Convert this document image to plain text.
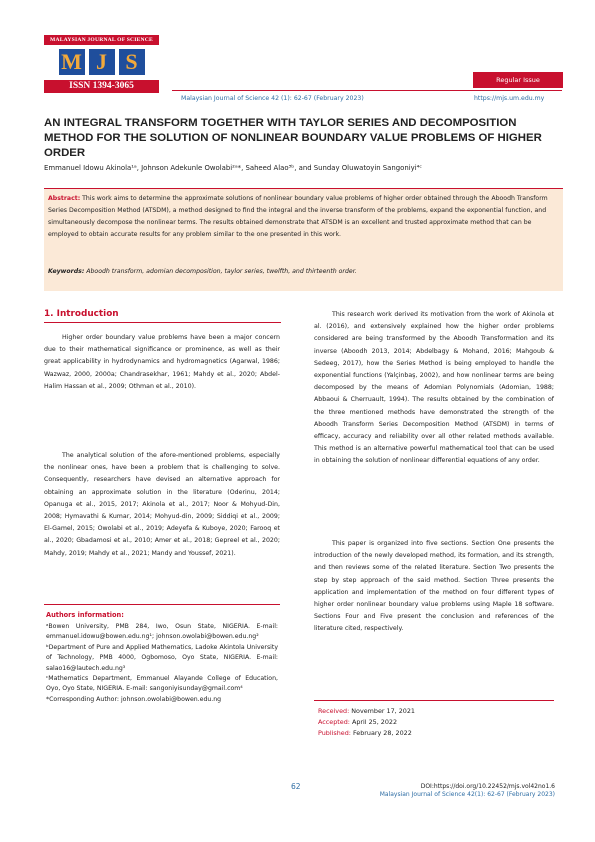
MALAYSIAN JOURNAL OF SCIENCE
M J S
ISSN 1394-3065
Regular Issue
Malaysian Journal of Science 42 (1): 62-67 (February 2023)	https://mjs.um.edu.my
AN INTEGRAL TRANSFORM TOGETHER WITH TAYLOR SERIES AND DECOMPOSITION METHOD FOR THE SOLUTION OF NONLINEAR BOUNDARY VALUE PROBLEMS OF HIGHER ORDER
Emmanuel Idowu Akinola¹ᵃ, Johnson Adekunle Owolabi²ᵃ*, Saheed Alao³ᵇ, and Sunday Oluwatoyin Sangoniyi⁴ᶜ
Abstract: This work aims to determine the approximate solutions of nonlinear boundary value problems of higher order obtained through the Aboodh Transform Series Decomposition Method (ATSDM), a method designed to find the integral and the inverse transform of the problems, expand the exponential function, and simultaneously decompose the nonlinear terms. The results obtained demonstrate that ATSDM is an excellent and trusted approximate method that can be employed to obtain accurate results for any problem similar to the one presented in this work.
Keywords: Aboodh transform, adomian decomposition, taylor series, twelfth, and thirteenth order.
1. Introduction
Higher order boundary value problems have been a major concern due to their mathematical significance or prominence, as well as their great applicability in hydrodynamics and hydromagnetics (Agarwal, 1986; Wazwaz, 2000, 2000a; Chandrasekhar, 1961; Mahdy et al., 2020; Abdel-Halim Hassan et al., 2009; Othman et al., 2010).
The analytical solution of the afore-mentioned problems, especially the nonlinear ones, have been a problem that is challenging to solve. Consequently, researchers have devised an alternative approach for obtaining an approximate solution in the literature (Oderinu, 2014; Opanuga et al., 2015, 2017; Akinola et al., 2017; Noor & Mohyud-Din, 2008; Hymavathi & Kumar, 2014; Mohyud-din, 2009; Siddiqi et al., 2009; El-Gamel, 2015; Owolabi et al., 2019; Adeyefa & Kuboye, 2020; Farooq et al., 2020; Gbadamosi et al., 2010; Amer et al., 2018; Gepreel et al., 2020; Mahdy, 2019; Mahdy et al., 2021; Mandy and Youssef, 2021).
This research work derived its motivation from the work of Akinola et al. (2016), and extensively explained how the higher order problems considered are being transformed by the Aboodh Transformation and its inverse (Aboodh 2013, 2014; Abdelbagy & Mohand, 2016; Mahgoub & Sedeeg, 2017), how the Series Method is being employed to handle the exponential functions (Yalçinbaş, 2002), and how nonlinear terms are being decomposed by the means of Adomian Polynomials (Adomian, 1988; Abbaoui & Cherruault, 1994). The results obtained by the combination of the three mentioned methods have demonstrated the strength of the Aboodh Transform Series Decomposition Method (ATSDM) in terms of efficacy, accuracy and reliability over all other related methods available. This method is an alternative powerful mathematical tool that can be used in obtaining the solution of nonlinear differential equations of any order.
This paper is organized into five sections. Section One presents the introduction of the newly developed method, its formation, and its strength, and then reviews some of the related literature. Section Two presents the step by step approach of the said method. Section Three presents the application and implementation of the method on four different types of higher order nonlinear boundary value problems using Maple 18 software. Sections Four and Five present the conclusion and references of the literature cited, respectively.
Authors information:
ᵃBowen University, PMB 284, Iwo, Osun State, NIGERIA. E-mail: emmanuel.idowu@bowen.edu.ng¹; johnson.owolabi@bowen.edu.ng²
ᵇDepartment of Pure and Applied Mathematics, Ladoke Akintola University of Technology, PMB 4000, Ogbomoso, Oyo State, NIGERIA. E-mail: salao16@lautech.edu.ng³
ᶜMathematics Department, Emmanuel Alayande College of Education, Oyo, Oyo State, NIGERIA. E-mail: sangoniyisunday@gmail.com⁴
*Corresponding Author: johnson.owolabi@bowen.edu.ng
Received: November 17, 2021
Accepted: April 25, 2022
Published: February 28, 2022
62	DOI:https://doi.org/10.22452/mjs.vol42no1.6
Malaysian Journal of Science 42(1): 62-67 (February 2023)
